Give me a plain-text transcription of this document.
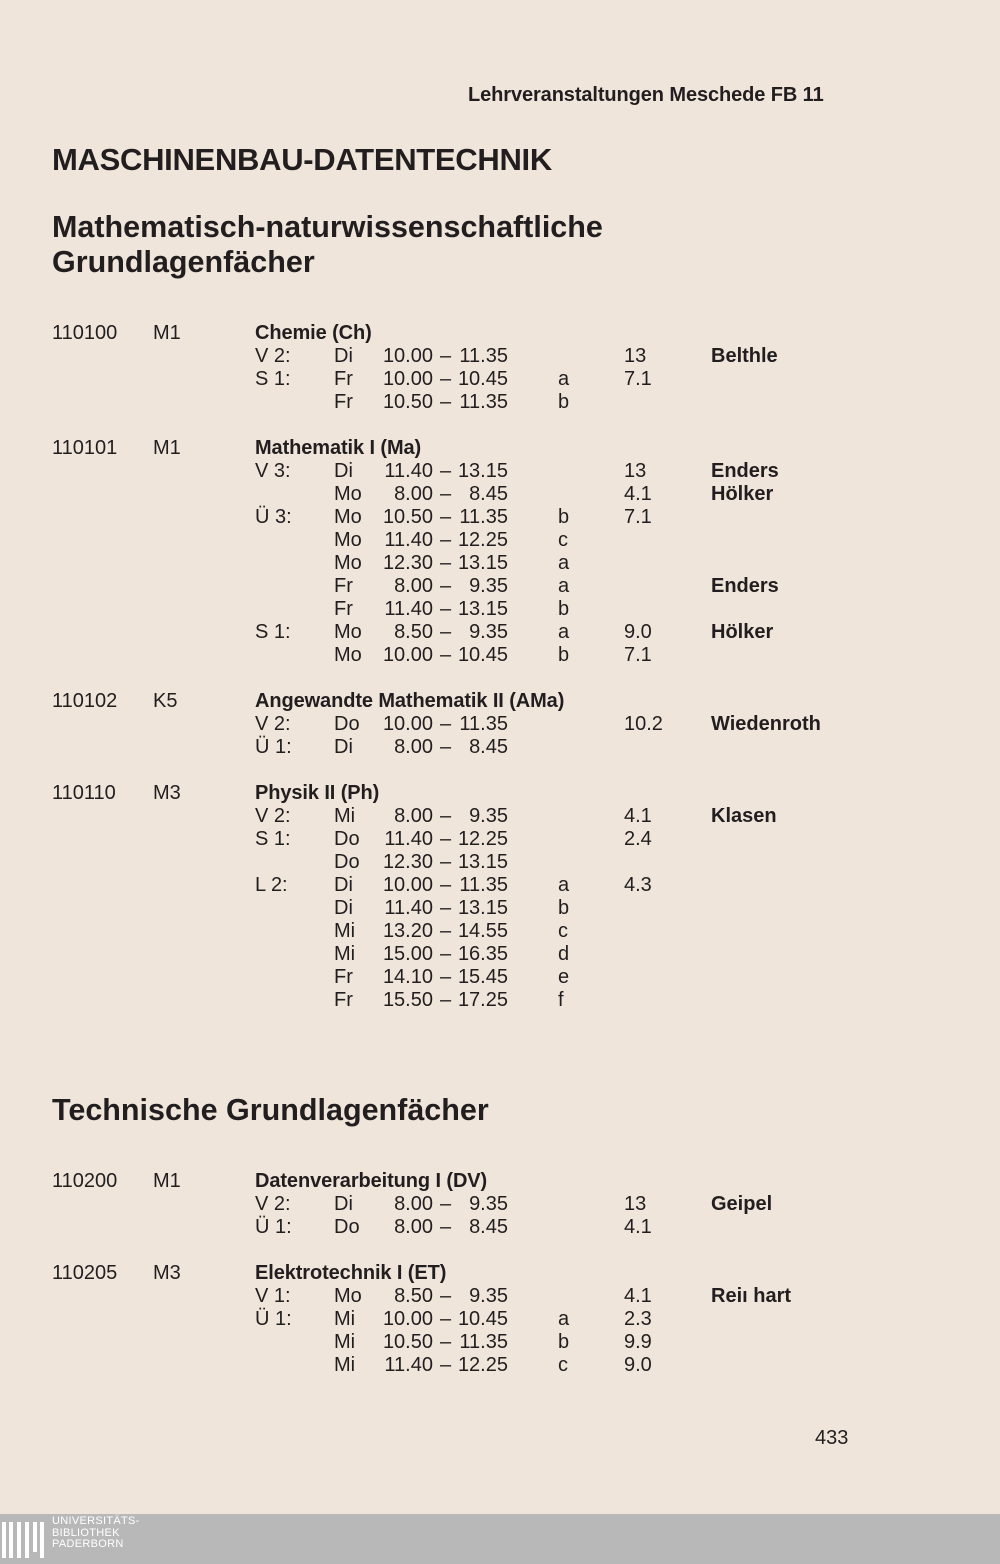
Lehrveranstaltungen Meschede FB 11
MASCHINENBAU-DATENTECHNIK
Mathematisch-naturwissenschaftliche
Grundlagenfächer
110100 M1	Chemie (Ch)
V 2: Di	10.00 – 11.35	13	Belthle
S 1: Fr	10.00 – 10.45	a	7.1
Fr	10.50 – 11.35	b
110101 M1	Mathematik I (Ma)
V 3: Di	11.40 – 13.15	13	Enders
Mo	8.00 – 8.45	4.1	Hölker
Ü 3: Mo	10.50 – 11.35	b	7.1
Mo	11.40 – 12.25	c
Mo	12.30 – 13.15	a
Fr	8.00 – 9.35	a	Enders
Fr	11.40 – 13.15	b
S 1: Mo	8.50 – 9.35	a	9.0	Hölker
Mo	10.00 – 10.45	b	7.1
110102 K5	Angewandte Mathematik II (AMa)
V 2: Do	10.00 – 11.35	10.2 Wiedenroth
Ü 1: Di	8.00 – 8.45
110110 M3	Physik II (Ph)
V 2: Mi	8.00 – 9.35	4.1	Klasen
S 1: Do	11.40 – 12.25	2.4
Do	12.30 – 13.15
L 2: Di	10.00 – 11.35	a	4.3
Di	11.40 – 13.15	b
Mi	13.20 – 14.55	c
Mi	15.00 – 16.35	d
Fr	14.10 – 15.45	e
Fr	15.50 – 17.25	f
Technische Grundlagenfächer
110200 M1	Datenverarbeitung I (DV)
V 2: Di	8.00 – 9.35	13	Geipel
Ü 1: Do	8.00 – 8.45	4.1
110205 M3	Elektrotechnik I (ET)
V 1: Mo	8.50 – 9.35	4.1	Reiı hart
Ü 1: Mi	10.00 – 10.45	a	2.3
Mi	10.50 – 11.35	b	9.9
Mi	11.40 – 12.25	c	9.0
433
UNIVERSITÄTS-
BIBLIOTHEK
PADERBORN
